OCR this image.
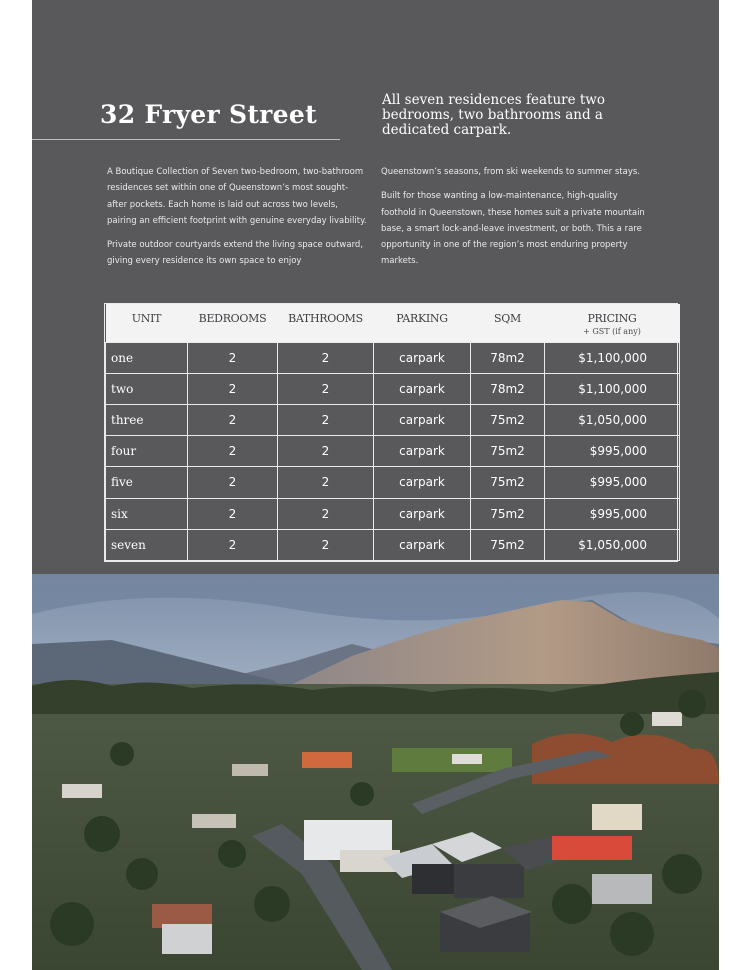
32 Fryer Street	All seven residences feature two bedrooms, two bathrooms and a dedicated carpark.

A Boutique Collection of Seven two-bedroom, two-bathroom residences set within one of Queenstown’s most sought-after pockets. Each home is laid out across two levels, pairing an efficient footprint with genuine everyday livability.

Private outdoor courtyards extend the living space outward, giving every residence its own space to enjoy

Queenstown’s seasons, from ski weekends to summer stays.

Built for those wanting a low-maintenance, high-quality foothold in Queenstown, these homes suit a private mountain base, a smart lock-and-leave investment, or both. This a rare opportunity in one of the region’s most enduring property markets.

UNIT	BEDROOMS	BATHROOMS	PARKING	SQM	PRICING
+ GST (if any)

one	2	2	carpark	78m2	$1,100,000
two	2	2	carpark	78m2	$1,100,000
three	2	2	carpark	75m2	$1,050,000
four	2	2	carpark	75m2	$995,000
five	2	2	carpark	75m2	$995,000
six	2	2	carpark	75m2	$995,000
seven	2	2	carpark	75m2	$1,050,000
